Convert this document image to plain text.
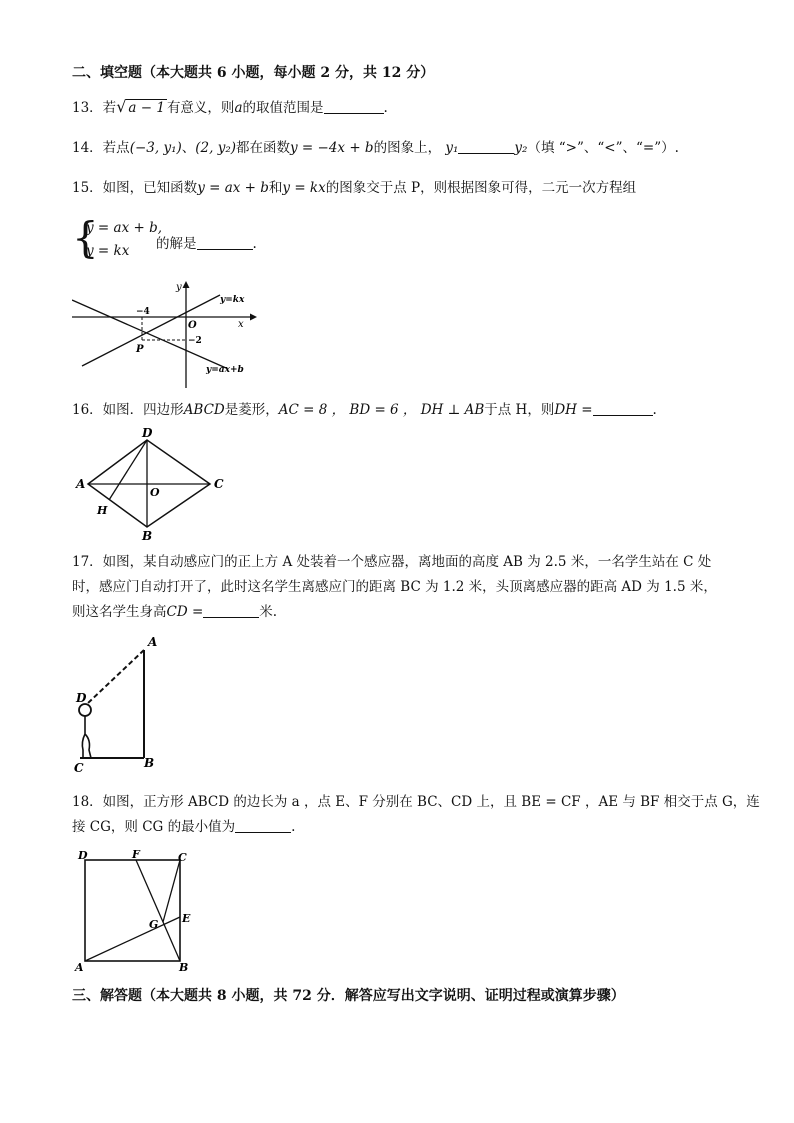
二、填空题（本大题共 6 小题，每小题 2 分，共 12 分）
13．若√ a − 1 有意义，则a的取值范围是	.
14．若点(−3, y₁)、(2, y₂)都在函数y = −4x + b的图象上， y₁	y₂（填 “>”、“<”、“=”）.
15．如图，已知函数y = ax + b和y = kx的图象交于点 P，则根据图象可得，二元一次方程组
{
y = ax + b,
y = kx 的解是	.
y
x
O
−4
−2
P
y=kx
y=ax+b
16．如图．四边形ABCD是菱形，AC = 8 ， BD = 6 ， DH ⊥ AB于点 H，则DH =	.
A
D
C
B
O
H
17．如图，某自动感应门的正上方 A 处装着一个感应器，离地面的高度 AB 为 2.5 米，一名学生站在 C 处
时，感应门自动打开了，此时这名学生离感应门的距离 BC 为 1.2 米，头顶离感应器的距高 AD 为 1.5 米，
则这名学生身高CD =	米.
A
D
C	B
18．如图，正方形 ABCD 的边长为 a ，点 E、F 分别在 BC、CD 上，且 BE = CF ，AE 与 BF 相交于点 G，连
接 CG，则 CG 的最小值为	.
D	F	C
E
G
A	B
三、解答题（本大题共 8 小题，共 72 分．解答应写出文字说明、证明过程或演算步骤）
